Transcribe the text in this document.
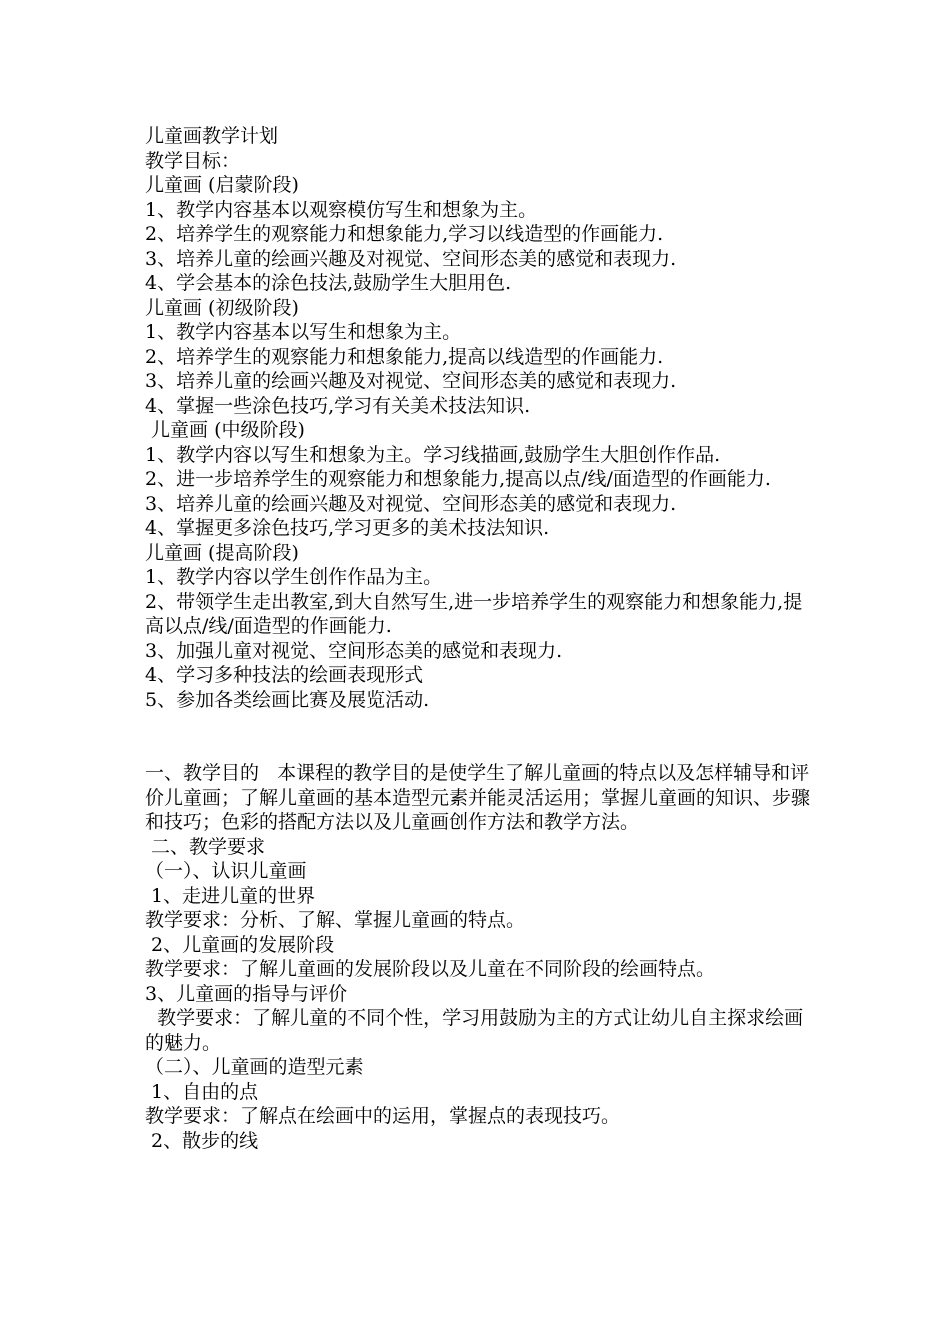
儿童画教学计划

教学目标：

儿童画 (启蒙阶段)

1、教学内容基本以观察模仿写生和想象为主。

2、培养学生的观察能力和想象能力,学习以线造型的作画能力.

3、培养儿童的绘画兴趣及对视觉、空间形态美的感觉和表现力.

4、学会基本的涂色技法,鼓励学生大胆用色.

儿童画 (初级阶段)

1、教学内容基本以写生和想象为主。

2、培养学生的观察能力和想象能力,提高以线造型的作画能力.

3、培养儿童的绘画兴趣及对视觉、空间形态美的感觉和表现力.

4、掌握一些涂色技巧,学习有关美术技法知识.

儿童画 (中级阶段)

1、教学内容以写生和想象为主。学习线描画,鼓励学生大胆创作作品.

2、进一步培养学生的观察能力和想象能力,提高以点/线/面造型的作画能力.

3、培养儿童的绘画兴趣及对视觉、空间形态美的感觉和表现力.

4、掌握更多涂色技巧,学习更多的美术技法知识.

儿童画 (提高阶段)

1、教学内容以学生创作作品为主。

2、带领学生走出教室,到大自然写生,进一步培养学生的观察能力和想象能力,提高以点/线/面造型的作画能力.

3、加强儿童对视觉、空间形态美的感觉和表现力.

4、学习多种技法的绘画表现形式

5、参加各类绘画比赛及展览活动.

一、教学目的   本课程的教学目的是使学生了解儿童画的特点以及怎样辅导和评价儿童画；了解儿童画的基本造型元素并能灵活运用；掌握儿童画的知识、步骤和技巧；色彩的搭配方法以及儿童画创作方法和教学方法。

二、教学要求

（一）、认识儿童画

1、走进儿童的世界

教学要求：分析、了解、掌握儿童画的特点。

2、儿童画的发展阶段

教学要求：了解儿童画的发展阶段以及儿童在不同阶段的绘画特点。

3、儿童画的指导与评价

教学要求：了解儿童的不同个性，学习用鼓励为主的方式让幼儿自主探求绘画的魅力。

（二）、儿童画的造型元素

1、自由的点

教学要求：了解点在绘画中的运用，掌握点的表现技巧。

2、散步的线
